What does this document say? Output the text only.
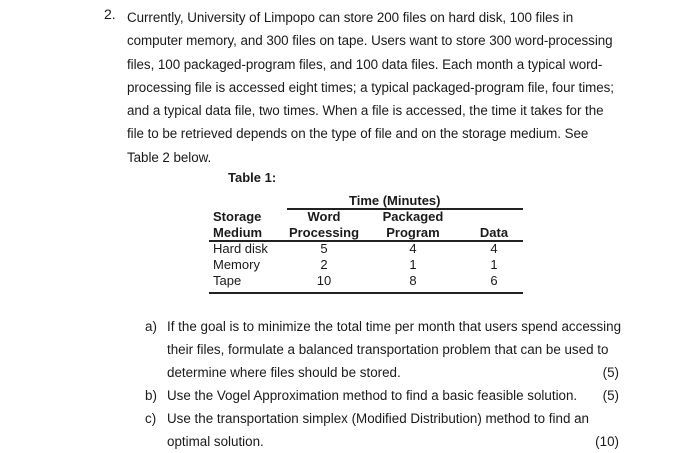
2. Currently, University of Limpopo can store 200 files on hard disk, 100 files in
computer memory, and 300 files on tape. Users want to store 300 word-processing
files, 100 packaged-program files, and 100 data files. Each month a typical word-
processing file is accessed eight times; a typical packaged-program file, four times;
and a typical data file, two times. When a file is accessed, the time it takes for the
file to be retrieved depends on the type of file and on the storage medium. See
Table 2 below.
Table 1:
Time (Minutes)
Storage	Word	Packaged
Medium	Processing	Program	Data
Hard disk	5	4	4
Memory	2	1	1
Tape	10	8	6
a) If the goal is to minimize the total time per month that users spend accessing
their files, formulate a balanced transportation problem that can be used to
determine where files should be stored.	(5)
b) Use the Vogel Approximation method to find a basic feasible solution. (5)
c) Use the transportation simplex (Modified Distribution) method to find an
optimal solution.	(10)
